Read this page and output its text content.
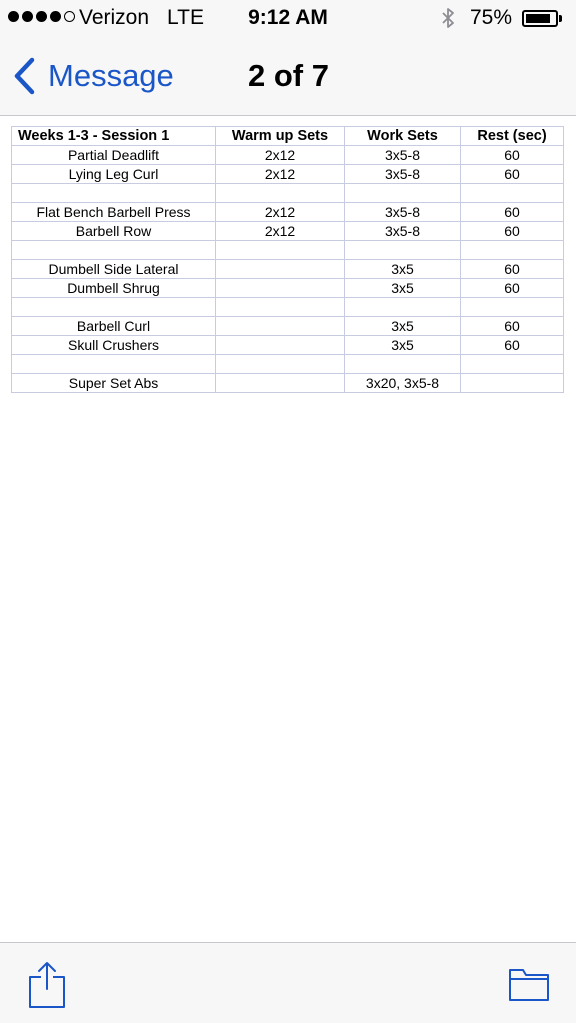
Verizon LTE	9:12 AM	75%
Message 2 of 7
Weeks 1-3 - Session 1	Warm up Sets	Work Sets	Rest (sec)
Partial Deadlift	2x12	3x5-8	60
Lying Leg Curl	2x12	3x5-8	60

Flat Bench Barbell Press	2x12	3x5-8	60
Barbell Row	2x12	3x5-8	60

Dumbell Side Lateral		3x5	60
Dumbell Shrug		3x5	60

Barbell Curl		3x5	60
Skull Crushers		3x5	60

Super Set Abs		3x20, 3x5-8	
